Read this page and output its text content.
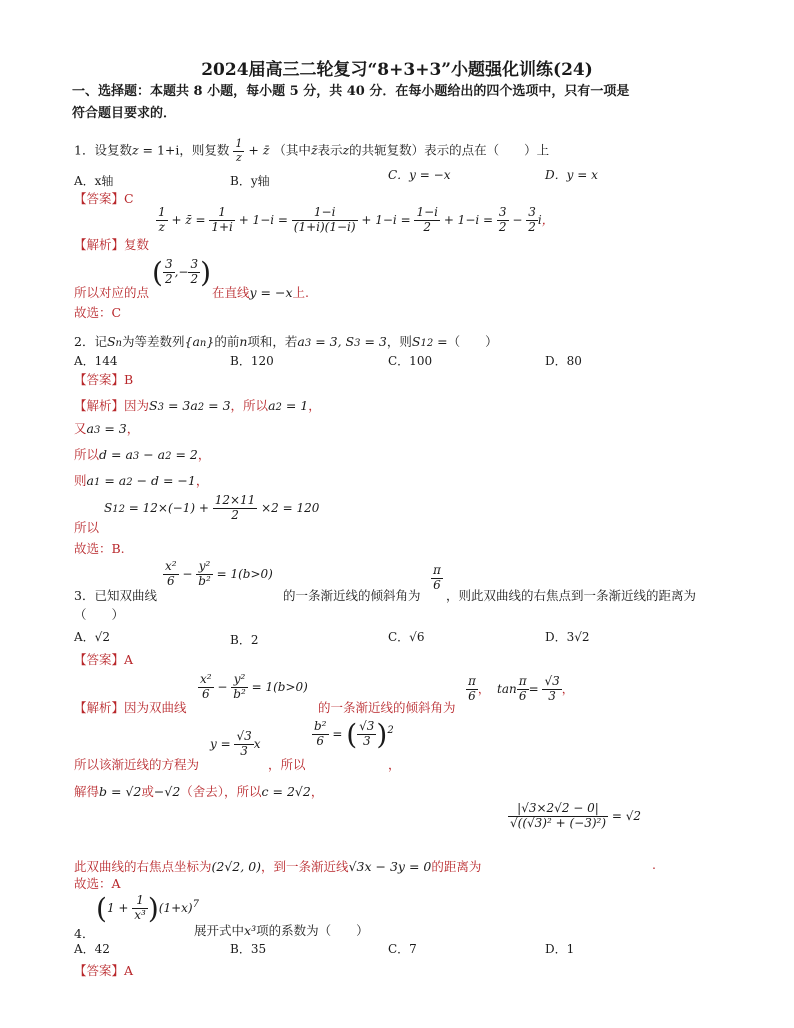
2024届高三二轮复习“8+3+3”小题强化训练(24)
一、选择题：本题共 8 小题，每小题 5 分，共 40 分．在每小题给出的四个选项中，只有一项是
符合题目要求的．
1．设复数z = 1+i，则复数 $\frac{1}{z}$ + z̄ （其中z̄表示z的共轭复数）表示的点在（　　）上
A．x轴	B．y轴	C．y = −x	D．y = x
【答案】C
【解析】复数
$\frac{1}{z}$ + z̄ = $\frac{1}{1+i} + 1-i = \frac{1-i}{(1+i)(1-i)} + 1-i = \frac{1-i}{2} + 1-i = \frac{3}{2} - \frac{3}{2}$ i，
所以对应的点
( $\frac{3}{2}$ ,− $\frac{3}{2}$ )
在直线y = −x上.
故选：C
2．记Sn为等差数列{an}的前n项和，若a3 = 3, S3 = 3，则S12 =（　　）
A．144	B．120	C．100	D．80
【答案】B
【解析】因为S3 = 3a2 = 3，所以a2 = 1，
又a3 = 3，
所以d = a3 − a2 = 2，
则a1 = a2 − d = −1，
所以
$S12 = 12\times(-1) + \frac{12\times 11}{2} \times 2 = 120$
故选：B.
$\frac{\text{x²}}{6} - \frac{\text{y²}}{\text{b²}} = 1(b>0)$
3．已知双曲线	的一条渐近线的倾斜角为
$\frac{\pi}{6}$
，则此双曲线的右焦点到一条渐近线的距离为
（　　）
A．√2	B．2	C．√6	D．3√2
【答案】A
【解析】因为双曲线
$\frac{\text{x²}}{6} - \frac{\text{y²}}{\text{b²}} = 1(b>0)$
的一条渐近线的倾斜角为
$\frac{\pi}{6}$ ， $\tan \frac{\pi}{6} = \frac{√3}{3}$ ，
所以该渐近线的方程为
$y = \frac{√3}{3}$ x
，所以
$\frac{\text{b²}}{6}$ = ( $\frac{√3}{3} )^2$
，
解得b = √2或−√2（舍去），所以c = 2√2，
$\frac{|√3\times 2√2 - 0|}{\text{√((√3)² + (−3)²)}} = √2$
此双曲线的右焦点坐标为(2√2, 0)，到一条渐近线√3x − 3y = 0的距离为	.
故选：A
$(1 + \frac{1}{\text{x³}} )(1+x)^7$
4．	展开式中x³项的系数为（　　）
A．42	B．35	C．7	D．1
【答案】A
